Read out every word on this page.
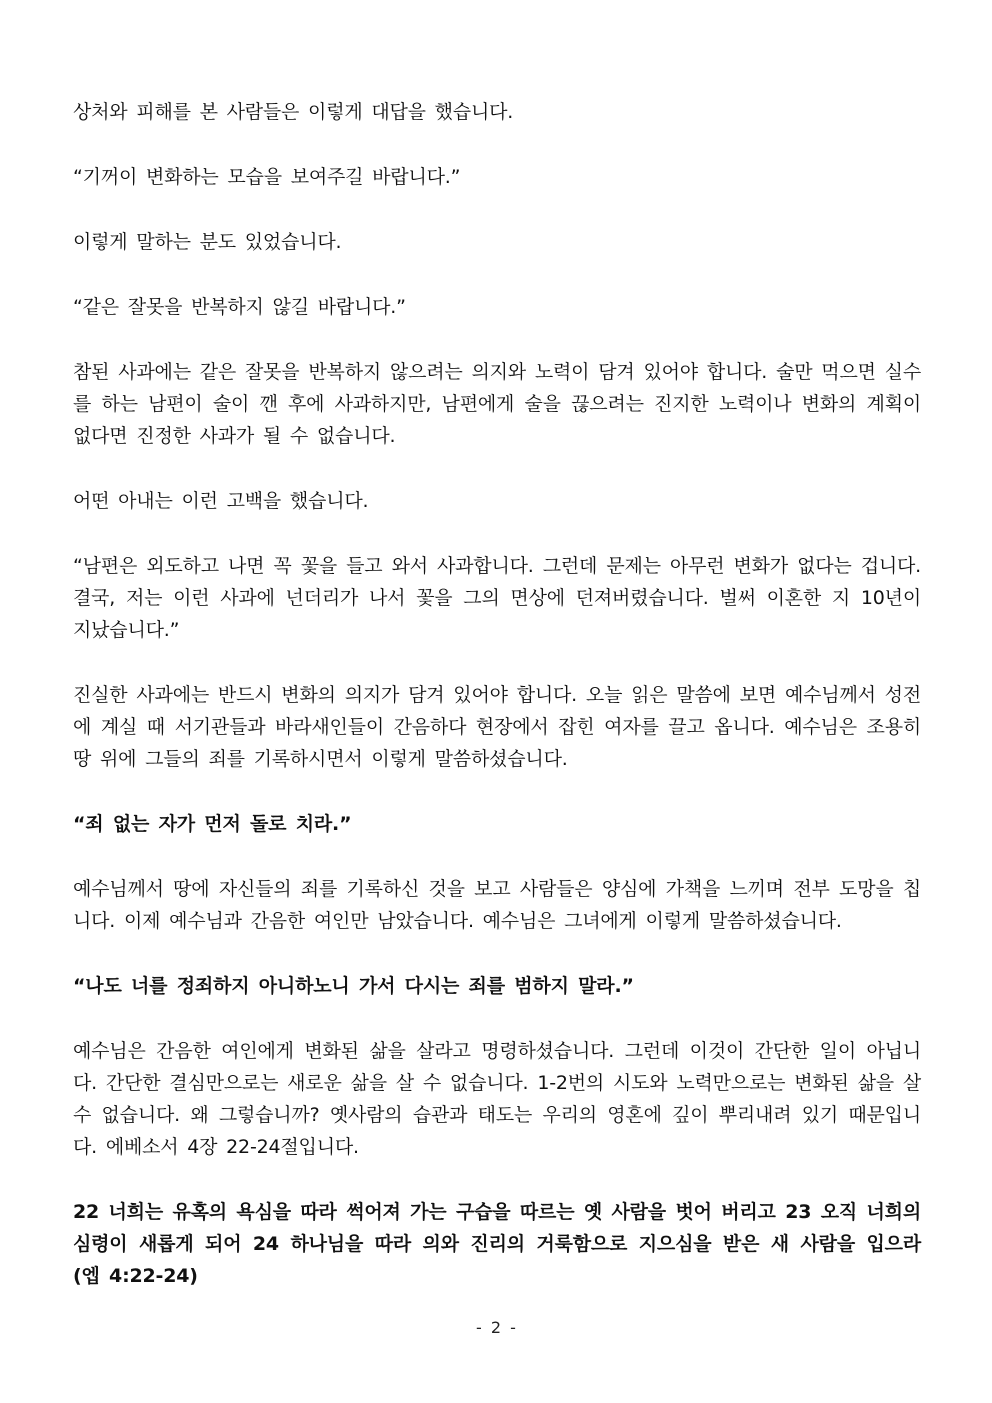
상처와 피해를 본 사람들은 이렇게 대답을 했습니다.

“기꺼이 변화하는 모습을 보여주길 바랍니다.”

이렇게 말하는 분도 있었습니다.

“같은 잘못을 반복하지 않길 바랍니다.”

참된 사과에는 같은 잘못을 반복하지 않으려는 의지와 노력이 담겨 있어야 합니다. 술만 먹으면 실수를 하는 남편이 술이 깬 후에 사과하지만, 남편에게 술을 끊으려는 진지한 노력이나 변화의 계획이 없다면 진정한 사과가 될 수 없습니다.

어떤 아내는 이런 고백을 했습니다.

“남편은 외도하고 나면 꼭 꽃을 들고 와서 사과합니다. 그런데 문제는 아무런 변화가 없다는 겁니다. 결국, 저는 이런 사과에 넌더리가 나서 꽃을 그의 면상에 던져버렸습니다. 벌써 이혼한 지 10년이 지났습니다.”

진실한 사과에는 반드시 변화의 의지가 담겨 있어야 합니다. 오늘 읽은 말씀에 보면 예수님께서 성전에 계실 때 서기관들과 바라새인들이 간음하다 현장에서 잡힌 여자를 끌고 옵니다. 예수님은 조용히 땅 위에 그들의 죄를 기록하시면서 이렇게 말씀하셨습니다.

“죄 없는 자가 먼저 돌로 치라.”

예수님께서 땅에 자신들의 죄를 기록하신 것을 보고 사람들은 양심에 가책을 느끼며 전부 도망을 칩니다. 이제 예수님과 간음한 여인만 남았습니다. 예수님은 그녀에게 이렇게 말씀하셨습니다.

“나도 너를 정죄하지 아니하노니 가서 다시는 죄를 범하지 말라.”

예수님은 간음한 여인에게 변화된 삶을 살라고 명령하셨습니다. 그런데 이것이 간단한 일이 아닙니다. 간단한 결심만으로는 새로운 삶을 살 수 없습니다. 1-2번의 시도와 노력만으로는 변화된 삶을 살 수 없습니다. 왜 그렇습니까? 옛사람의 습관과 태도는 우리의 영혼에 깊이 뿌리내려 있기 때문입니다. 에베소서 4장 22-24절입니다.

22 너희는 유혹의 욕심을 따라 썩어져 가는 구습을 따르는 옛 사람을 벗어 버리고 23 오직 너희의 심령이 새롭게 되어 24 하나님을 따라 의와 진리의 거룩함으로 지으심을 받은 새 사람을 입으라 (엡 4:22-24)

- 2 -
